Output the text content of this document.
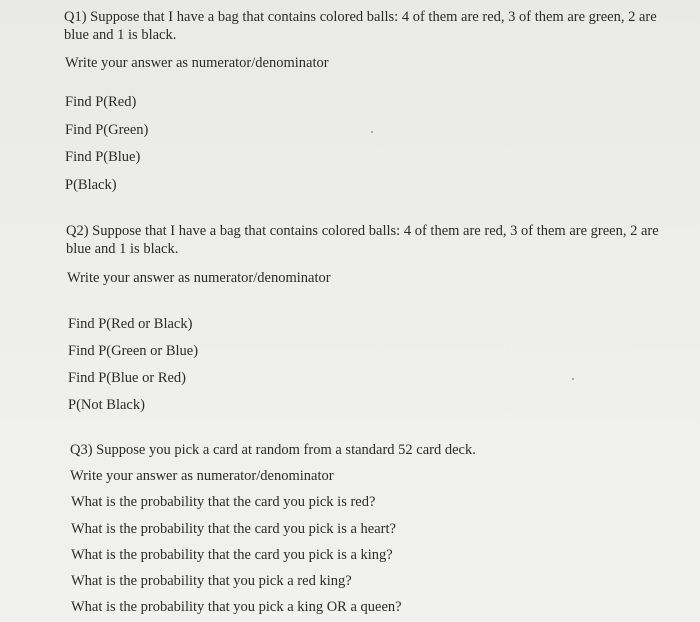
Q1) Suppose that I have a bag that contains colored balls: 4 of them are red, 3 of them are green, 2 are
blue and 1 is black.
Write your answer as numerator/denominator
Find P(Red)
Find P(Green)
Find P(Blue)
P(Black)
Q2) Suppose that I have a bag that contains colored balls: 4 of them are red, 3 of them are green, 2 are
blue and 1 is black.
Write your answer as numerator/denominator
Find P(Red or Black)
Find P(Green or Blue)
Find P(Blue or Red)
P(Not Black)
Q3) Suppose you pick a card at random from a standard 52 card deck.
Write your answer as numerator/denominator
What is the probability that the card you pick is red?
What is the probability that the card you pick is a heart?
What is the probability that the card you pick is a king?
What is the probability that you pick a red king?
What is the probability that you pick a king OR a queen?
